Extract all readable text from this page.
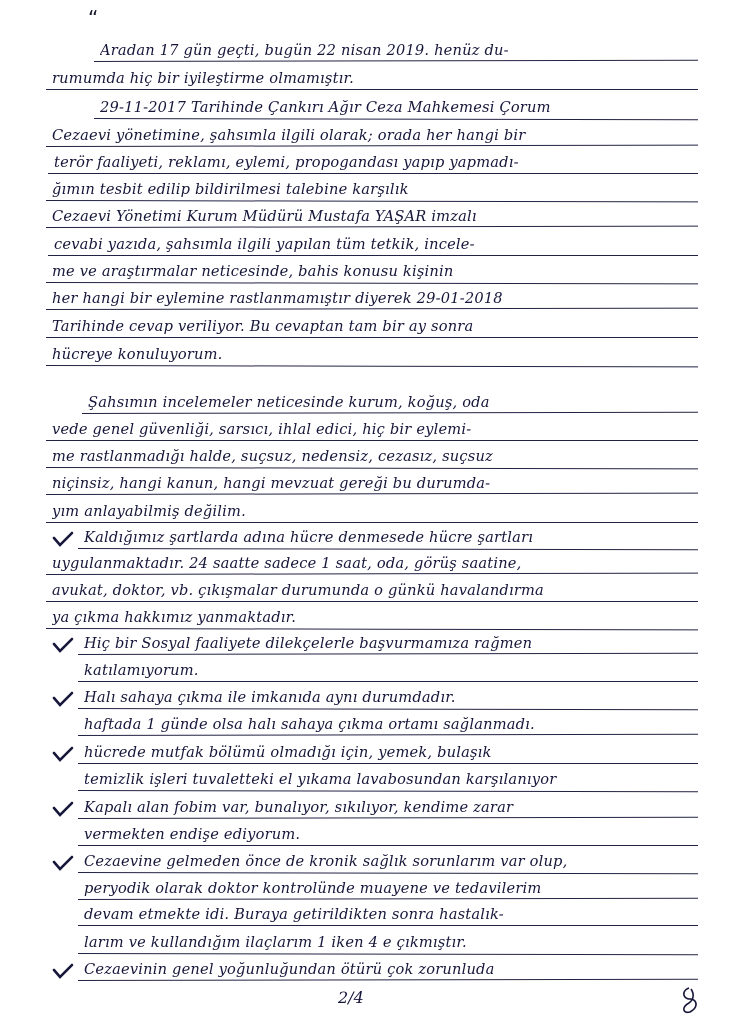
“
Aradan 17 gün geçti, bugün 22 nisan 2019. henüz du-
rumumda hiç bir iyileştirme olmamıştır.
29-11-2017 Tarihinde Çankırı Ağır Ceza Mahkemesi Çorum
Cezaevi yönetimine, şahsımla ilgili olarak; orada her hangi bir
terör faaliyeti, reklamı, eylemi, propogandası yapıp yapmadı-
ğımın tesbit edilip bildirilmesi talebine karşılık
Cezaevi Yönetimi Kurum Müdürü Mustafa YAŞAR imzalı
cevabi yazıda, şahsımla ilgili yapılan tüm tetkik, incele-
me ve araştırmalar neticesinde, bahis konusu kişinin
her hangi bir eylemine rastlanmamıştır diyerek 29-01-2018
Tarihinde cevap veriliyor. Bu cevaptan tam bir ay sonra
hücreye konuluyorum.
Şahsımın incelemeler neticesinde kurum, koğuş, oda
vede genel güvenliği, sarsıcı, ihlal edici, hiç bir eylemi-
me rastlanmadığı halde, suçsuz, nedensiz, cezasız, suçsuz
niçinsiz, hangi kanun, hangi mevzuat gereği bu durumda-
yım anlayabilmiş değilim.
Kaldığımız şartlarda adına hücre denmesede hücre şartları
uygulanmaktadır. 24 saatte sadece 1 saat, oda, görüş saatine,
avukat, doktor, vb. çıkışmalar durumunda o günkü havalandırma
ya çıkma hakkımız yanmaktadır.
Hiç bir Sosyal faaliyete dilekçelerle başvurmamıza rağmen
katılamıyorum.
Halı sahaya çıkma ile imkanıda aynı durumdadır.
haftada 1 günde olsa halı sahaya çıkma ortamı sağlanmadı.
hücrede mutfak bölümü olmadığı için, yemek, bulaşık
temizlik işleri tuvaletteki el yıkama lavabosundan karşılanıyor
Kapalı alan fobim var, bunalıyor, sıkılıyor, kendime zarar
vermekten endişe ediyorum.
Cezaevine gelmeden önce de kronik sağlık sorunlarım var olup,
peryodik olarak doktor kontrolünde muayene ve tedavilerim
devam etmekte idi. Buraya getirildikten sonra hastalık-
larım ve kullandığım ilaçlarım 1 iken 4 e çıkmıştır.
Cezaevinin genel yoğunluğundan ötürü çok zorunluda
2/4
